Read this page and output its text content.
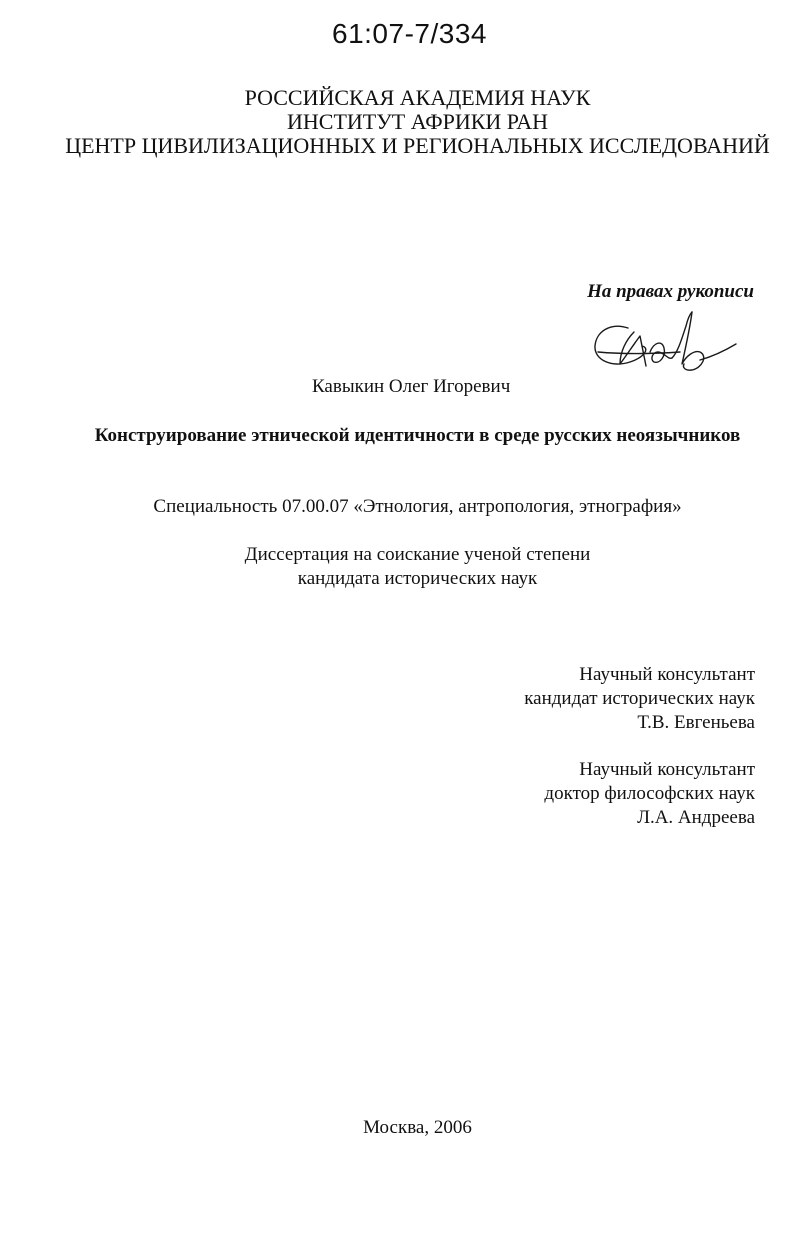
61:07-7/334
РОССИЙСКАЯ АКАДЕМИЯ НАУК
ИНСТИТУТ АФРИКИ РАН
ЦЕНТР ЦИВИЛИЗАЦИОННЫХ И РЕГИОНАЛЬНЫХ ИССЛЕДОВАНИЙ
На правах рукописи
Кавыкин Олег Игоревич
Конструирование этнической идентичности в среде русских неоязычников
Специальность 07.00.07 «Этнология, антропология, этнография»
Диссертация на соискание ученой степени
кандидата исторических наук
Научный консультант
кандидат исторических наук
Т.В. Евгеньева
Научный консультант
доктор философских наук
Л.А. Андреева
Москва, 2006
